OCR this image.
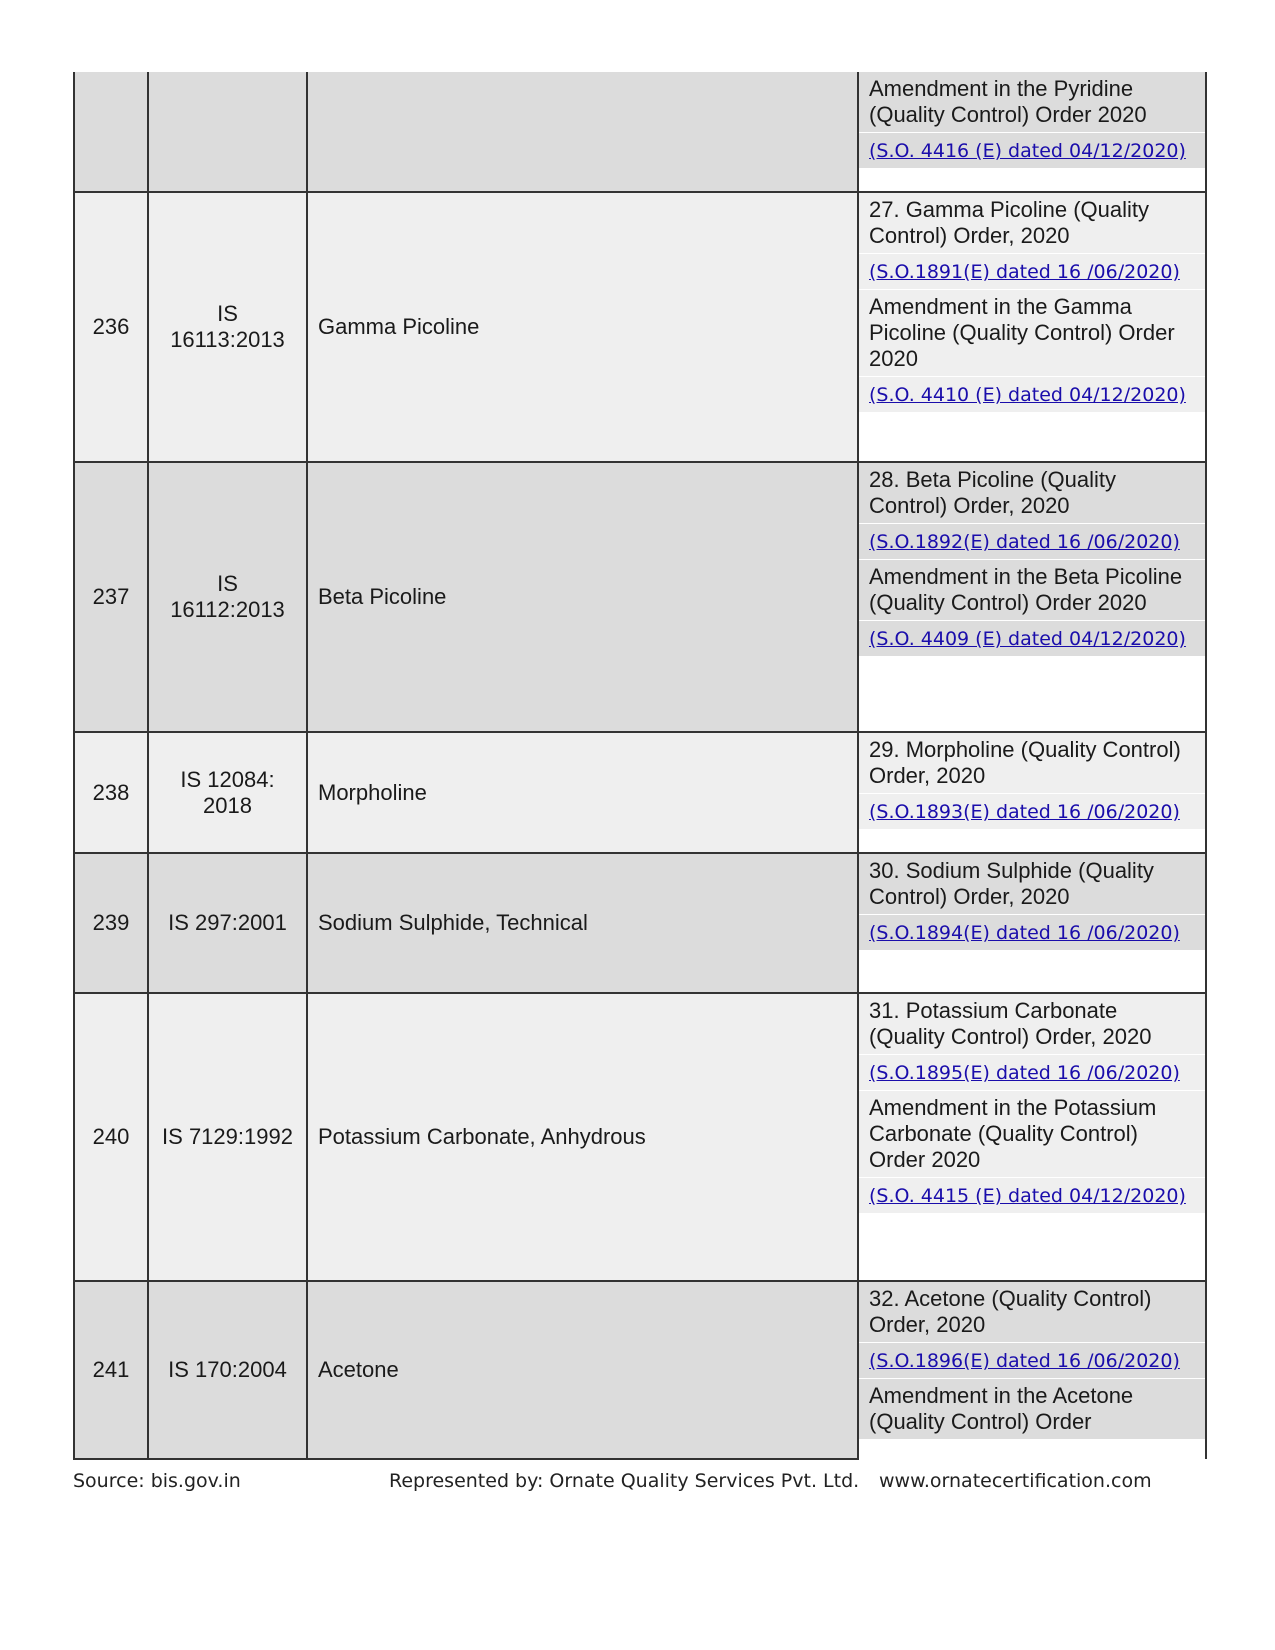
			Amendment in the Pyridine (Quality Control) Order 2020
(S.O. 4416 (E) dated 04/12/2020)

236	IS 16113:2013	Gamma Picoline	27. Gamma Picoline (Quality Control) Order, 2020
(S.O.1891(E) dated 16 /06/2020)
Amendment in the Gamma Picoline (Quality Control) Order 2020
(S.O. 4410 (E) dated 04/12/2020)

237	IS 16112:2013	Beta Picoline	28. Beta Picoline (Quality Control) Order, 2020
(S.O.1892(E) dated 16 /06/2020)
Amendment in the Beta Picoline (Quality Control) Order 2020
(S.O. 4409 (E) dated 04/12/2020)

238	IS 12084: 2018	Morpholine	29. Morpholine (Quality Control) Order, 2020
(S.O.1893(E) dated 16 /06/2020)

239	IS 297:2001	Sodium Sulphide, Technical	30. Sodium Sulphide (Quality Control) Order, 2020
(S.O.1894(E) dated 16 /06/2020)

240	IS 7129:1992	Potassium Carbonate, Anhydrous	31. Potassium Carbonate (Quality Control) Order, 2020
(S.O.1895(E) dated 16 /06/2020)
Amendment in the Potassium Carbonate (Quality Control) Order 2020
(S.O. 4415 (E) dated 04/12/2020)

241	IS 170:2004	Acetone	32. Acetone (Quality Control) Order, 2020
(S.O.1896(E) dated 16 /06/2020)
Amendment in the Acetone (Quality Control) Order
Source: bis.gov.in	Represented by: Ornate Quality Services Pvt. Ltd. www.ornatecertification.com
